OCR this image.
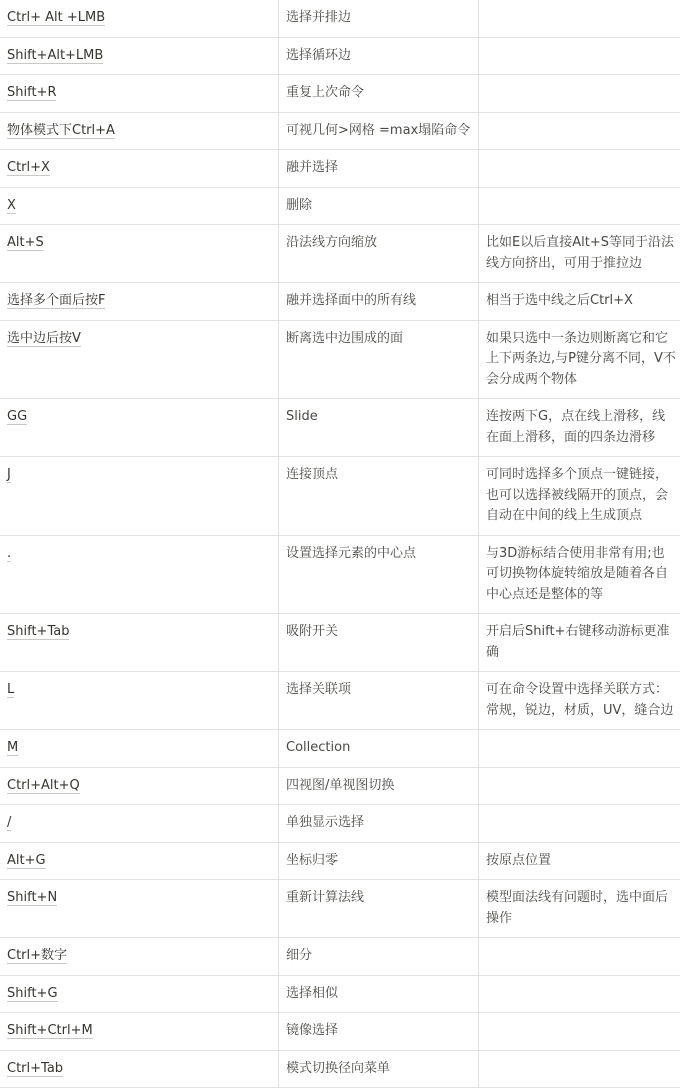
Ctrl+ Alt +LMB	选择并排边	
Shift+Alt+LMB	选择循环边	
Shift+R	重复上次命令	
物体模式下Ctrl+A	可视几何>网格 =max塌陷命令	
Ctrl+X	融并选择	
X	删除	
Alt+S	沿法线方向缩放	比如E以后直接Alt+S等同于沿法线方向挤出，可用于推拉边
选择多个面后按F	融并选择面中的所有线	相当于选中线之后Ctrl+X
选中边后按V	断离选中边围成的面	如果只选中一条边则断离它和它上下两条边,与P键分离不同，V不会分成两个物体
GG	Slide	连按两下G，点在线上滑移，线在面上滑移，面的四条边滑移
J	连接顶点	可同时选择多个顶点一键链接，也可以选择被线隔开的顶点，会自动在中间的线上生成顶点
.	设置选择元素的中心点	与3D游标结合使用非常有用;也可切换物体旋转缩放是随着各自中心点还是整体的等
Shift+Tab	吸附开关	开启后Shift+右键移动游标更准确
L	选择关联项	可在命令设置中选择关联方式：常规，锐边，材质，UV，缝合边
M	Collection	
Ctrl+Alt+Q	四视图/单视图切换	
/	单独显示选择	
Alt+G	坐标归零	按原点位置
Shift+N	重新计算法线	模型面法线有问题时，选中面后操作
Ctrl+数字	细分	
Shift+G	选择相似	
Shift+Ctrl+M	镜像选择	
Ctrl+Tab	模式切换径向菜单	
